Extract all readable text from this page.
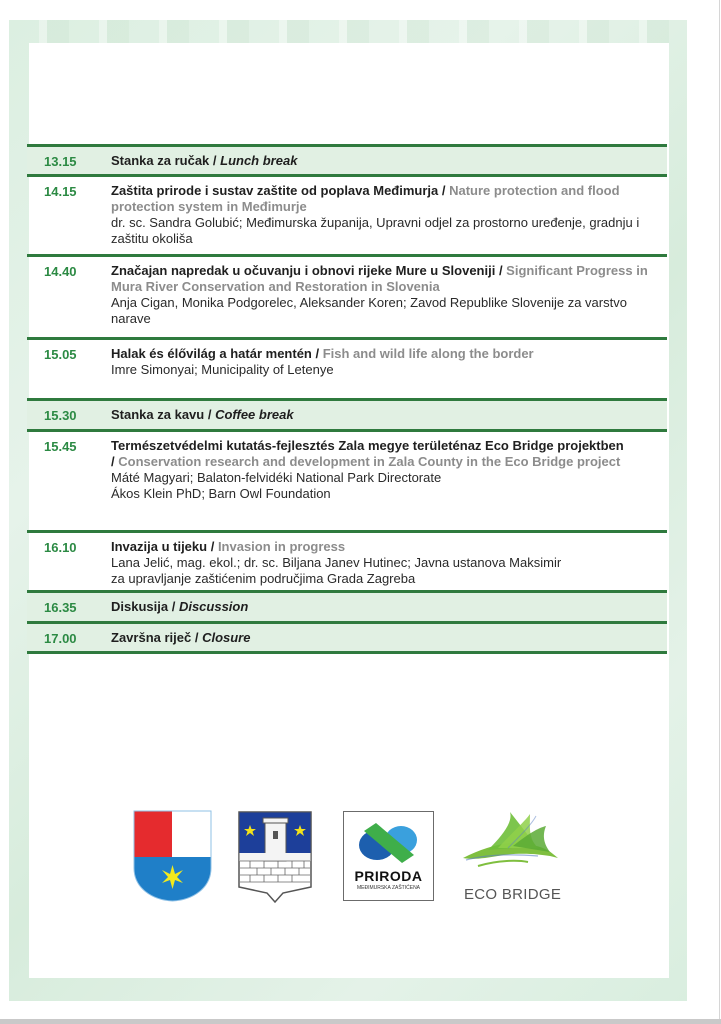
13.15	Stanka za ručak / Lunch break
14.15	Zaštita prirode i sustav zaštite od poplava Međimurja / Nature protection and flood protection system in Međimurje
dr. sc. Sandra Golubić; Međimurska županija, Upravni odjel za prostorno uređenje, gradnju i zaštitu okoliša
14.40	Značajan napredak u očuvanju i obnovi rijeke Mure u Sloveniji / Significant Progress in Mura River Conservation and Restoration in Slovenia
Anja Cigan, Monika Podgorelec, Aleksander Koren; Zavod Republike Slovenije za varstvo narave
15.05	Halak és élővilág a határ mentén / Fish and wild life along the border
Imre Simonyai; Municipality of Letenye
15.30	Stanka za kavu / Coffee break
15.45	Természetvédelmi kutatás-fejlesztés Zala megye területénaz Eco Bridge projektben / Conservation research and development in Zala County in the Eco Bridge project
Máté Magyari; Balaton-felvidéki National Park Directorate
Ákos Klein PhD; Barn Owl Foundation
16.10	Invazija u tijeku / Invasion in progress
Lana Jelić, mag. ekol.; dr. sc. Biljana Janev Hutinec; Javna ustanova Maksimir za upravljanje zaštićenim područjima Grada Zagreba
16.35	Diskusija / Discussion
17.00	Završna riječ / Closure
PRIRODA
MEĐIMURSKA ZAŠTIĆENA	ECO BRIDGE
